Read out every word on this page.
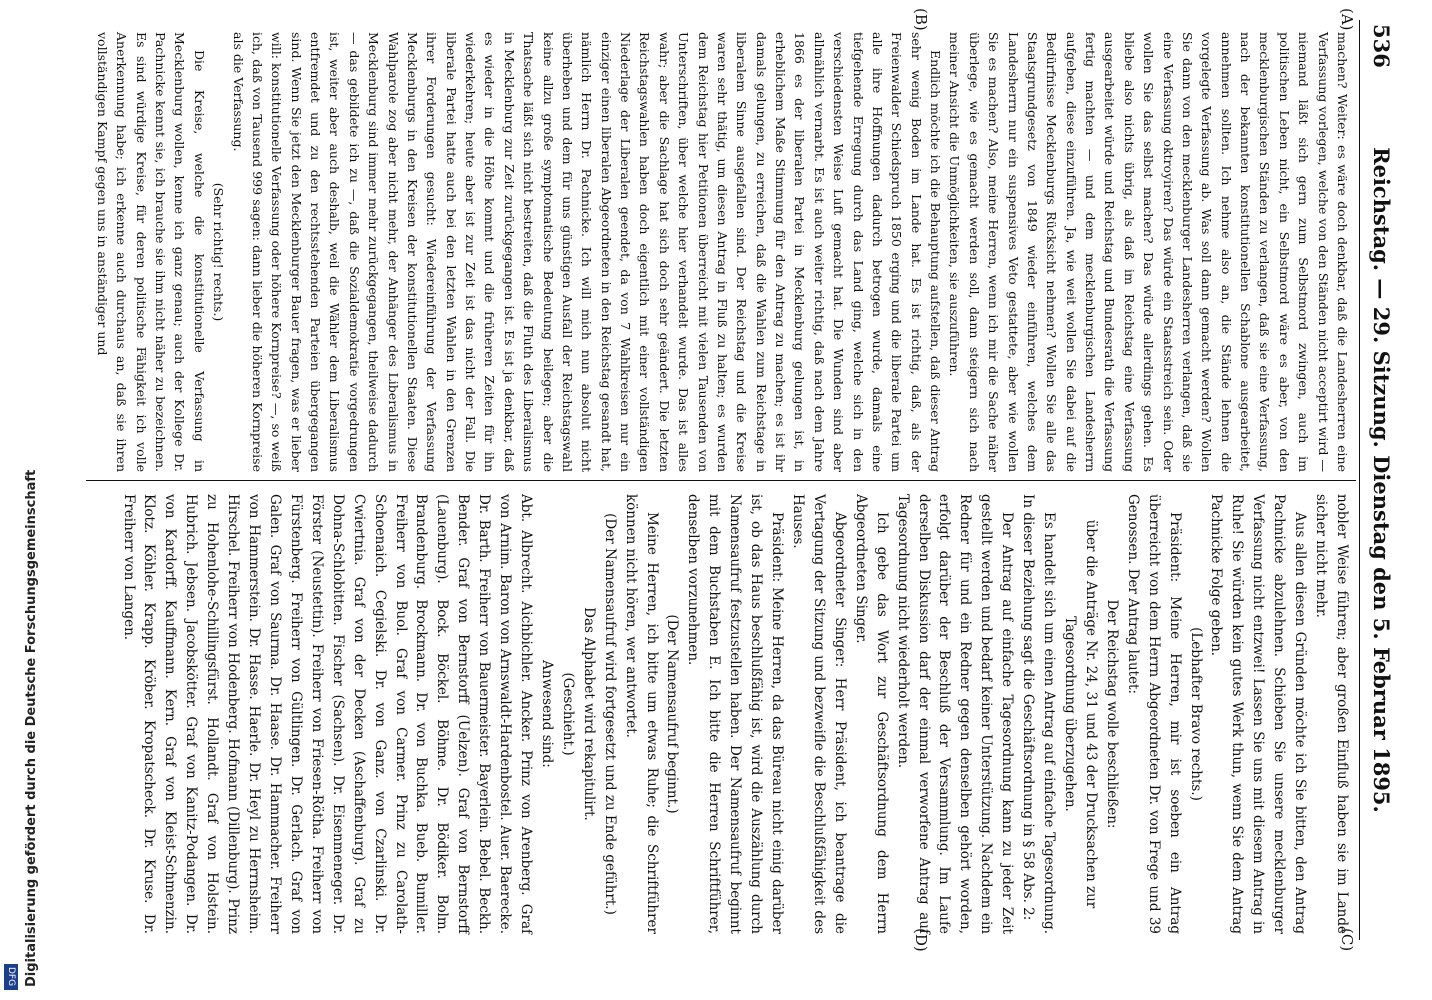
536
Reichstag. — 29. Sitzung. Dienstag den 5. Februar 1895.
(A)
(B)
(C)
(D)

machen? Weiter: es wäre doch denkbar, daß die Landesherren eine Verfassung vorlegen, welche von den Ständen nicht acceptirt wird — niemand läßt sich gern zum Selbstmord zwingen, auch im politischen Leben nicht, ein Selbstmord wäre es aber, von den mecklenburgischen Ständen zu verlangen, daß sie eine Verfassung, nach der bekannten konstitutionellen Schablone ausgearbeitet, annehmen sollten. Ich nehme also an, die Stände lehnen die vorgelegte Verfassung ab. Was soll dann gemacht werden? Wollen Sie dann von den mecklenburger Landesherren verlangen, daß sie eine Verfassung oktroyiren? Das würde ein Staatsstreich sein. Oder wollen Sie das selbst machen? Das würde allerdings gehen. Es bliebe also nichts übrig, als daß im Reichstag eine Verfassung ausgearbeitet würde und Reichstag und Bundesrath die Verfassung fertig machten — und dem mecklenburgischen Landesherrn aufgeben, diese einzuführen. Ja, wie weit wollen Sie dabei auf die Bedürfnisse Mecklenburgs Rücksicht nehmen? Wollen Sie alle das Staatsgrundgesetz von 1849 wieder einführen, welches dem Landesherrn nur ein suspensives Veto gestattete, aber wie wollen Sie es machen? Also, meine Herren, wenn ich mir die Sache näher überlege, wie es gemacht werden soll, dann steigern sich nach meiner Ansicht die Unmöglichkeiten, sie auszuführen.

Endlich möchte ich die Behauptung aufstellen, daß dieser Antrag sehr wenig Boden im Lande hat. Es ist richtig, daß, als der Freienwalder Schiedspruch 1850 erging und die liberale Partei um alle ihre Hoffnungen dadurch betrogen wurde, damals eine tiefgehende Erregung durch das Land ging, welche sich in den verschiedensten Weise Luft gemacht hat. Die Wunden sind aber allmählich vernarbt. Es ist auch weiter richtig, daß nach dem Jahre 1866 es der liberalen Partei in Mecklenburg gelungen ist, in erheblichem Maße Stimmung für den Antrag zu machen; es ist ihr damals gelungen, zu erreichen, daß die Wahlen zum Reichstage in liberalem Sinne ausgefallen sind. Der Reichstag und die Kreise waren sehr thätig, um diesen Antrag in Fluß zu halten; es wurden dem Reichstag hier Petitionen überreicht mit vielen Tausenden von Unterschriften, über welche hier verhandelt wurde. Das ist alles wahr; aber die Sachlage hat sich doch sehr geändert. Die letzten Reichstagswahlen haben doch eigentlich mit einer vollständigen Niederlage der Liberalen geendet, da von 7 Wahlkreisen nur ein einziger einen liberalen Abgeordneten in den Reichstag gesandt hat, nämlich Herrn Dr. Pachnicke. Ich will mich nun absolut nicht überheben und dem für uns günstigen Ausfall der Reichstagswahl keine allzu große symptomatische Bedeutung beilegen; aber die Thatsache läßt sich nicht bestreiten, daß die Fluth des Liberalismus in Mecklenburg zur Zeit zurückgegangen ist. Es ist ja denkbar, daß es wieder in die Höhe kommt und die früheren Zeiten für ihn wiederkehren; heute aber ist zur Zeit ist das nicht der Fall. Die liberale Partei hatte auch bei den letzten Wahlen in den Grenzen ihrer Forderungen gesucht: Wiedereinführung der Verfassung Mecklenburgs in den Kreisen der konstitutionellen Staaten. Diese Wahlparole zog aber nicht mehr, der Anhänger des Liberalismus in Mecklenburg sind immer mehr zurückgegangen, theilweise dadurch — das gebildete ich zu —, daß die Sozialdemokratie vorgedrungen ist, weiter aber auch deshalb, weil die Wähler dem Liberalismus entfremdet und zu den rechtsstehenden Parteien übergegangen sind. Wenn Sie jetzt den Mecklenburger Bauer fragen, was er lieber will: konstitutionelle Verfassung oder höhere Kornpreise? —, so weiß ich, daß von Tausend 999 sagen: dann lieber die höheren Kornpreise als die Verfassung.

(Sehr richtig! rechts.)

Die Kreise, welche die konstitutionelle Verfassung in Mecklenburg wollen, kenne ich ganz genau; auch der Kollege Dr. Pachnicke kennt sie, ich brauche sie ihm nicht näher zu bezeichnen. Es sind würdige Kreise, für deren politische Fähigkeit ich volle Anerkennung habe; ich erkenne auch durchaus an, daß sie ihren vollständigen Kampf gegen uns in anständiger und

nobler Weise führen; aber großen Einfluß haben sie im Lande sicher nicht mehr.

Aus allen diesen Gründen möchte ich Sie bitten, den Antrag Pachnicke abzulehnen. Schieben Sie unsere mecklenburger Verfassung nicht entzwei! Lassen Sie uns mit diesem Antrag in Ruhe! Sie würden kein gutes Werk thun, wenn Sie dem Antrag Pachnicke Folge geben.

(Lebhafter Bravo rechts.)

Präsident: Meine Herren, mir ist soeben ein Antrag überreicht von dem Herrn Abgeordneten Dr. von Frege und 39 Genossen. Der Antrag lautet:

Der Reichstag wolle beschließen:

über die Anträge Nr. 24, 31 und 43 der Drucksachen zur Tagesordnung überzugehen.

Es handelt sich um einen Antrag auf einfache Tagesordnung. In dieser Beziehung sagt die Geschäftsordnung in § 58 Abs. 2:

Der Antrag auf einfache Tagesordnung kann zu jeder Zeit gestellt werden und bedarf keiner Unterstützung. Nachdem ein Redner für und ein Redner gegen denselben gehört worden, erfolgt darüber der Beschluß der Versammlung. Im Laufe derselben Diskussion darf der einmal verworfene Antrag auf Tagesordnung nicht wiederholt werden.

Ich gebe das Wort zur Geschäftsordnung dem Herrn Abgeordneten Singer.

Abgeordneter Singer: Herr Präsident, ich beantrage die Vertagung der Sitzung und bezweifle die Beschlußfähigkeit des Hauses.

Präsident: Meine Herren, da das Büreau nicht einig darüber ist, ob das Haus beschlußfähig ist, wird die Auszählung durch Namensaufruf festzustellen haben. Der Namensaufruf beginnt mit dem Buchstaben E. Ich bitte die Herren Schriftführer, denselben vorzunehmen.

(Der Namensaufruf beginnt.)

Meine Herren, ich bitte um etwas Ruhe; die Schriftführer können nicht hören, wer antwortet.

(Der Namensaufruf wird fortgesetzt und zu Ende geführt.)

Das Alphabet wird rekapitulirt.

(Geschieht.)

Anwesend sind:

Abt. Albrecht. Aichbichler. Ancker. Prinz von Arenberg. Graf von Arnim. Baron von Arnswaldt-Hardenbostel. Auer. Baerecke. Dr. Barth. Freiherr von Bauermeister. Bayerlein. Bebel. Beckh. Bender. Graf von Bernstorff (Uelzen). Graf von Bernstorff (Lauenburg). Bock. Böckel. Böhme. Dr. Bödiker. Bolm. Brandenburg. Brockmann. Dr. von Buchka. Bueb. Bumiller. Freiherr von Buol. Graf von Carmer. Prinz zu Carolath-Schoenaich. Cegielski. Dr. von Ganz. von Czarlinski. Dr. Cwiertnia. Graf von der Decken (Aschaffenburg). Graf zu Dohna-Schlobitten. Fischer (Sachsen). Dr. Eisenmeneger. Dr. Förster (Neustettin). Freiherr von Friesen-Rötha. Freiherr von Fürstenberg. Freiherr von Gültlingen. Dr. Gerlach. Graf von Galen. Graf von Saurma. Dr. Haase. Dr. Hammacher. Freiherr von Hammerstein. Dr. Hasse. Haerle. Dr. Heyl zu Herrnsheim. Hirschel. Freiherr von Hodenberg. Hofmann (Dillenburg). Prinz zu Hohenlohe-Schillingsfürst. Hollandt. Graf von Holstein. Hubrich. Jebsen. Jacobskötter. Graf von Kanitz-Podangen. Dr. von Kardorff. Kauffmann. Kern. Graf von Kleist-Schmenzin. Klotz. Köhler. Krapp. Kröber. Kropatscheck. Dr. Kruse. Dr. Freiherr von Langen.

DFG Digitalisierung gefördert durch die Deutsche Forschungsgemeinschaft
